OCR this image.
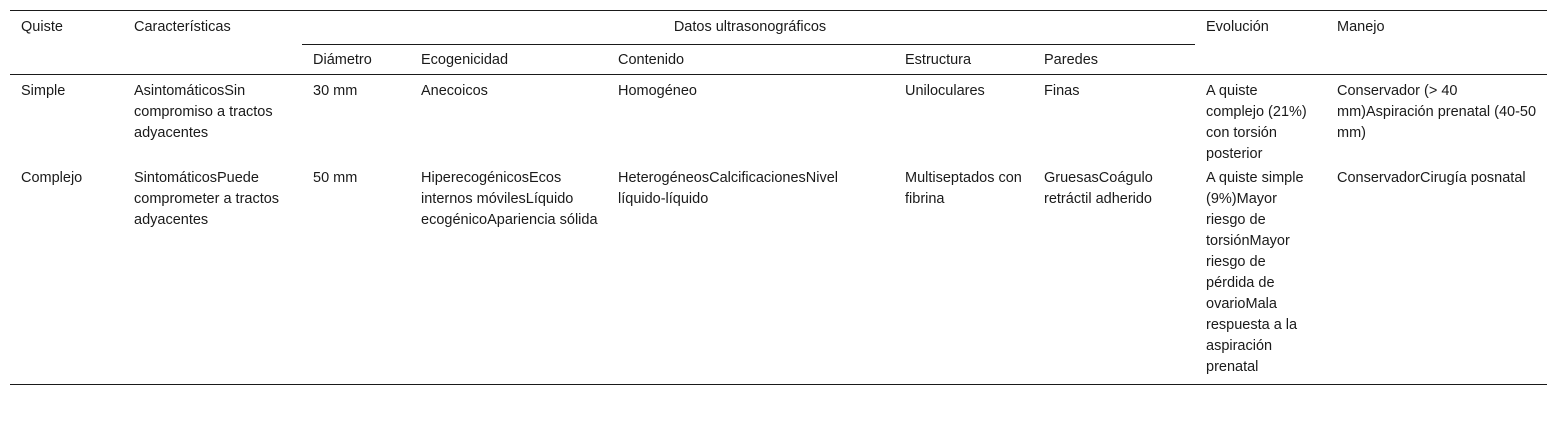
Quiste	Características	Datos ultrasonográficos					Evolución	Manejo
		Diámetro	Ecogenicidad	Contenido	Estructura	Paredes		
Simple	AsintomáticosSin compromiso a tractos adyacentes	30 mm	Anecoicos	Homogéneo	Uniloculares	Finas	A quiste complejo (21%) con torsión posterior	Conservador (> 40 mm)Aspiración prenatal (40-50 mm)
Complejo	SintomáticosPuede comprometer a tractos adyacentes	50 mm	HiperecogénicosEcos internos móvilesLíquido ecogénicoApariencia sólida	HeterogéneosCalcificacionesNivel líquido-líquido	Multiseptados con fibrina	GruesasCoágulo retráctil adherido	A quiste simple (9%)Mayor riesgo de torsiónMayor riesgo de pérdida de ovarioMala respuesta a la aspiración prenatal	ConservadorCirugía posnatal
